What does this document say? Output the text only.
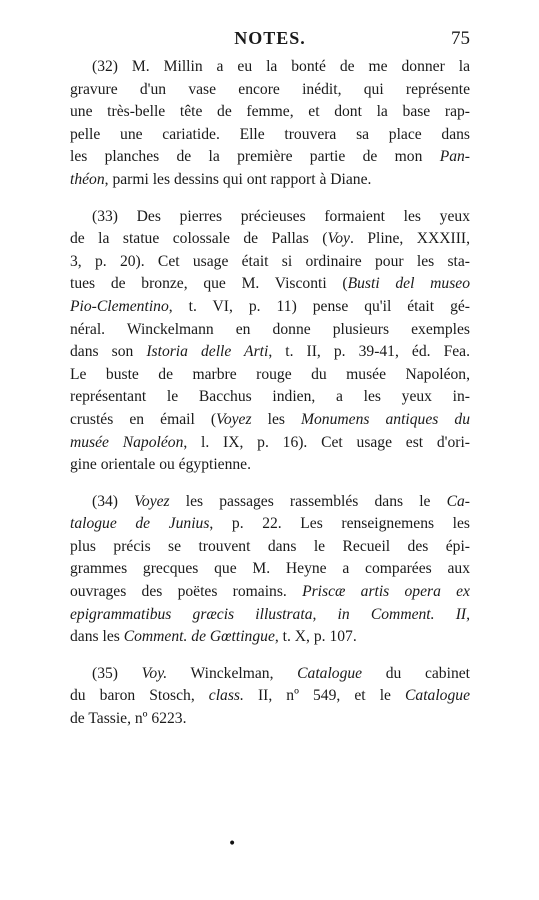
NOTES.	75
(32) M. Millin a eu la bonté de me donner la
gravure d'un vase encore inédit, qui représente
une très-belle tête de femme, et dont la base rap-
pelle une cariatide. Elle trouvera sa place dans
les planches de la première partie de mon Pan-
théon, parmi les dessins qui ont rapport à Diane.
(33) Des pierres précieuses formaient les yeux
de la statue colossale de Pallas (Voy. Pline, XXXIII,
3, p. 20). Cet usage était si ordinaire pour les sta-
tues de bronze, que M. Visconti (Busti del museo
Pio-Clementino, t. VI, p. 11) pense qu'il était gé-
néral. Winckelmann en donne plusieurs exemples
dans son Istoria delle Arti, t. II, p. 39-41, éd. Fea.
Le buste de marbre rouge du musée Napoléon,
représentant le Bacchus indien, a les yeux in-
crustés en émail (Voyez les Monumens antiques du
musée Napoléon, l. IX, p. 16). Cet usage est d'ori-
gine orientale ou égyptienne.
(34) Voyez les passages rassemblés dans le Ca-
talogue de Junius, p. 22. Les renseignemens les
plus précis se trouvent dans le Recueil des épi-
grammes grecques que M. Heyne a comparées aux
ouvrages des poëtes romains. Priscæ artis opera ex
epigrammatibus græcis illustrata, in Comment. II,
dans les Comment. de Gœttingue, t. X, p. 107.
(35) Voy. Winckelman, Catalogue du cabinet
du baron Stosch, class. II, nº 549, et le Catalogue
de Tassie, nº 6223.
•
